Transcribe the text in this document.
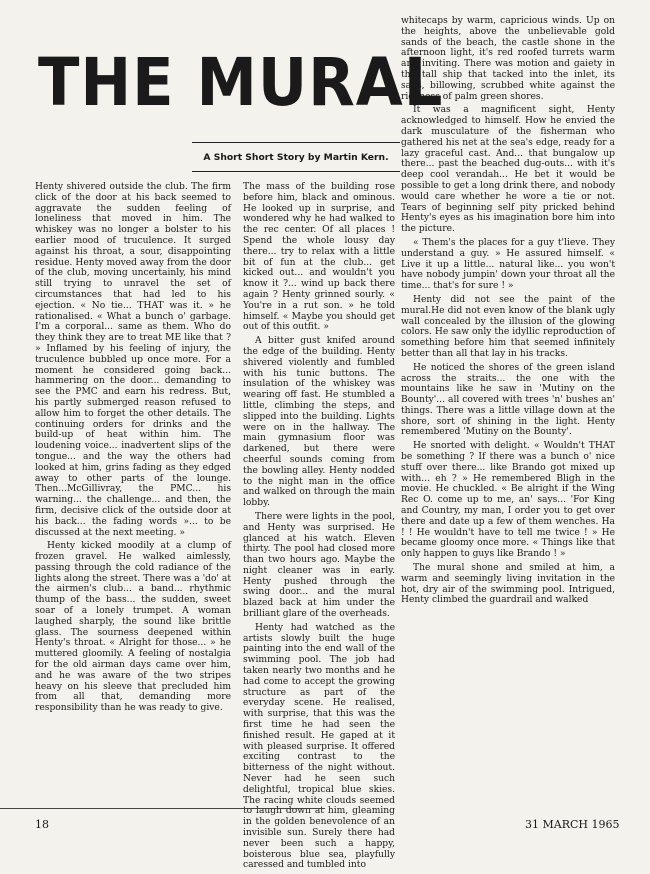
THE MURAL
A Short Short Story by Martin Kern.

Henty shivered outside the club. The firm click of the door at his back seemed to aggravate the sudden feeling of loneliness that moved in him. The whiskey was no longer a bolster to his earlier mood of truculence. It surged against his throat, a sour, disappointing residue. Henty moved away from the door of the club, moving uncertainly, his mind still trying to unravel the set of circumstances that had led to his ejection. « No tie... THAT was it. » he rationalised. « What a bunch o' garbage. I'm a corporal... same as them. Who do they think they are to treat ME like that ? » Inflamed by his feeling of injury, the truculence bubbled up once more. For a moment he considered going back... hammering on the door... demanding to see the PMC and earn his redress. But, his partly submerged reason refused to allow him to forget the other details. The continuing orders for drinks and the build-up of heat within him. The loudening voice... inadvertent slips of the tongue... and the way the others had looked at him, grins fading as they edged away to other parts of the lounge. Then...McGillivray, the PMC... his warning... the challenge... and then, the firm, decisive click of the outside door at his back... the fading words »... to be discussed at the next meeting. »

Henty kicked moodily at a clump of frozen gravel. He walked aimlessly, passing through the cold radiance of the lights along the street. There was a 'do' at the airmen's club... a band... rhythmic thump of the bass... the sudden, sweet soar of a lonely trumpet. A woman laughed sharply, the sound like brittle glass. The sourness deepened within Henty's throat. « Alright for those... » he muttered gloomily. A feeling of nostalgia for the old airman days came over him, and he was aware of the two stripes heavy on his sleeve that precluded him from all that, demanding more responsibility than he was ready to give.

The mass of the building rose before him, black and ominous. He looked up in surprise, and wondered why he had walked to the rec center. Of all places ! Spend the whole lousy day there... try to relax with a little bit of fun at the club... get kicked out... and wouldn't you know it ?... wind up back there again ? Henty grinned sourly. « You're in a rut son. » he told himself. « Maybe you should get out of this outfit. »

A bitter gust knifed around the edge of the building. Henty shivered violently and fumbled with his tunic buttons. The insulation of the whiskey was wearing off fast. He stumbled a little, climbing the steps, and slipped into the building. Lights were on in the hallway. The main gymnasium floor was darkened, but there were cheerful sounds coming from the bowling alley. Henty nodded to the night man in the office and walked on through the main lobby.

There were lights in the pool, and Henty was surprised. He glanced at his watch. Eleven thirty. The pool had closed more than two hours ago. Maybe the night cleaner was in early. Henty pushed through the swing door... and the mural blazed back at him under the brilliant glare of the overheads.

Henty had watched as the artists slowly built the huge painting into the end wall of the swimming pool. The job had taken nearly two months and he had come to accept the growing structure as part of the everyday scene. He realised, with surprise, that this was the first time he had seen the finished result. He gaped at it with pleased surprise. It offered exciting contrast to the bitterness of the night without. Never had he seen such delightful, tropical blue skies. The racing white clouds seemed to laugh down at him, gleaming in the golden benevolence of an invisible sun. Surely there had never been such a happy, boisterous blue sea, playfully caressed and tumbled into

whitecaps by warm, capricious winds. Up on the heights, above the unbelievable gold sands of the beach, the castle shone in the afternoon light, it's red roofed turrets warm and inviting. There was motion and gaiety in the tall ship that tacked into the inlet, its sails, billowing, scrubbed white against the richness of palm green shores.

It was a magnificent sight, Henty acknowledged to himself. How he envied the dark musculature of the fisherman who gathered his net at the sea's edge, ready for a lazy graceful cast. And... that bungalow up there... past the beached dug-outs... with it's deep cool verandah... He bet it would be possible to get a long drink there, and nobody would care whether he wore a tie or not. Tears of beginning self pity pricked behind Henty's eyes as his imagination bore him into the picture.

« Them's the places for a guy t'lieve. They understand a guy. » He assured himself. « Live it up a little... natural like... you won't have nobody jumpin' down your throat all the time... that's for sure ! »

Henty did not see the paint of the mural.He did not even know of the blank ugly wall concealed by the illusion of the glowing colors. He saw only the idyllic reproduction of something before him that seemed infinitely better than all that lay in his tracks.

He noticed the shores of the green island across the straits... the one with the mountains like he saw in 'Mutiny on the Bounty'... all covered with trees 'n' bushes an' things. There was a little village down at the shore, sort of shining in the light. Henty remembered 'Mutiny on the Bounty'.

He snorted with delight. « Wouldn't THAT be something ? If there was a bunch o' nice stuff over there... like Brando got mixed up with... eh ? » He remembered Bligh in the movie. He chuckled. « Be alright if the Wing Rec O. come up to me, an' says... 'For King and Country, my man, I order you to get over there and date up a few of them wenches. Ha ! ! He wouldn't have to tell me twice ! » He became gloomy once more. « Things like that only happen to guys like Brando ! »

The mural shone and smiled at him, a warm and seemingly living invitation in the hot, dry air of the swimming pool. Intrigued, Henty climbed the guardrail and walked

18	31 MARCH 1965
